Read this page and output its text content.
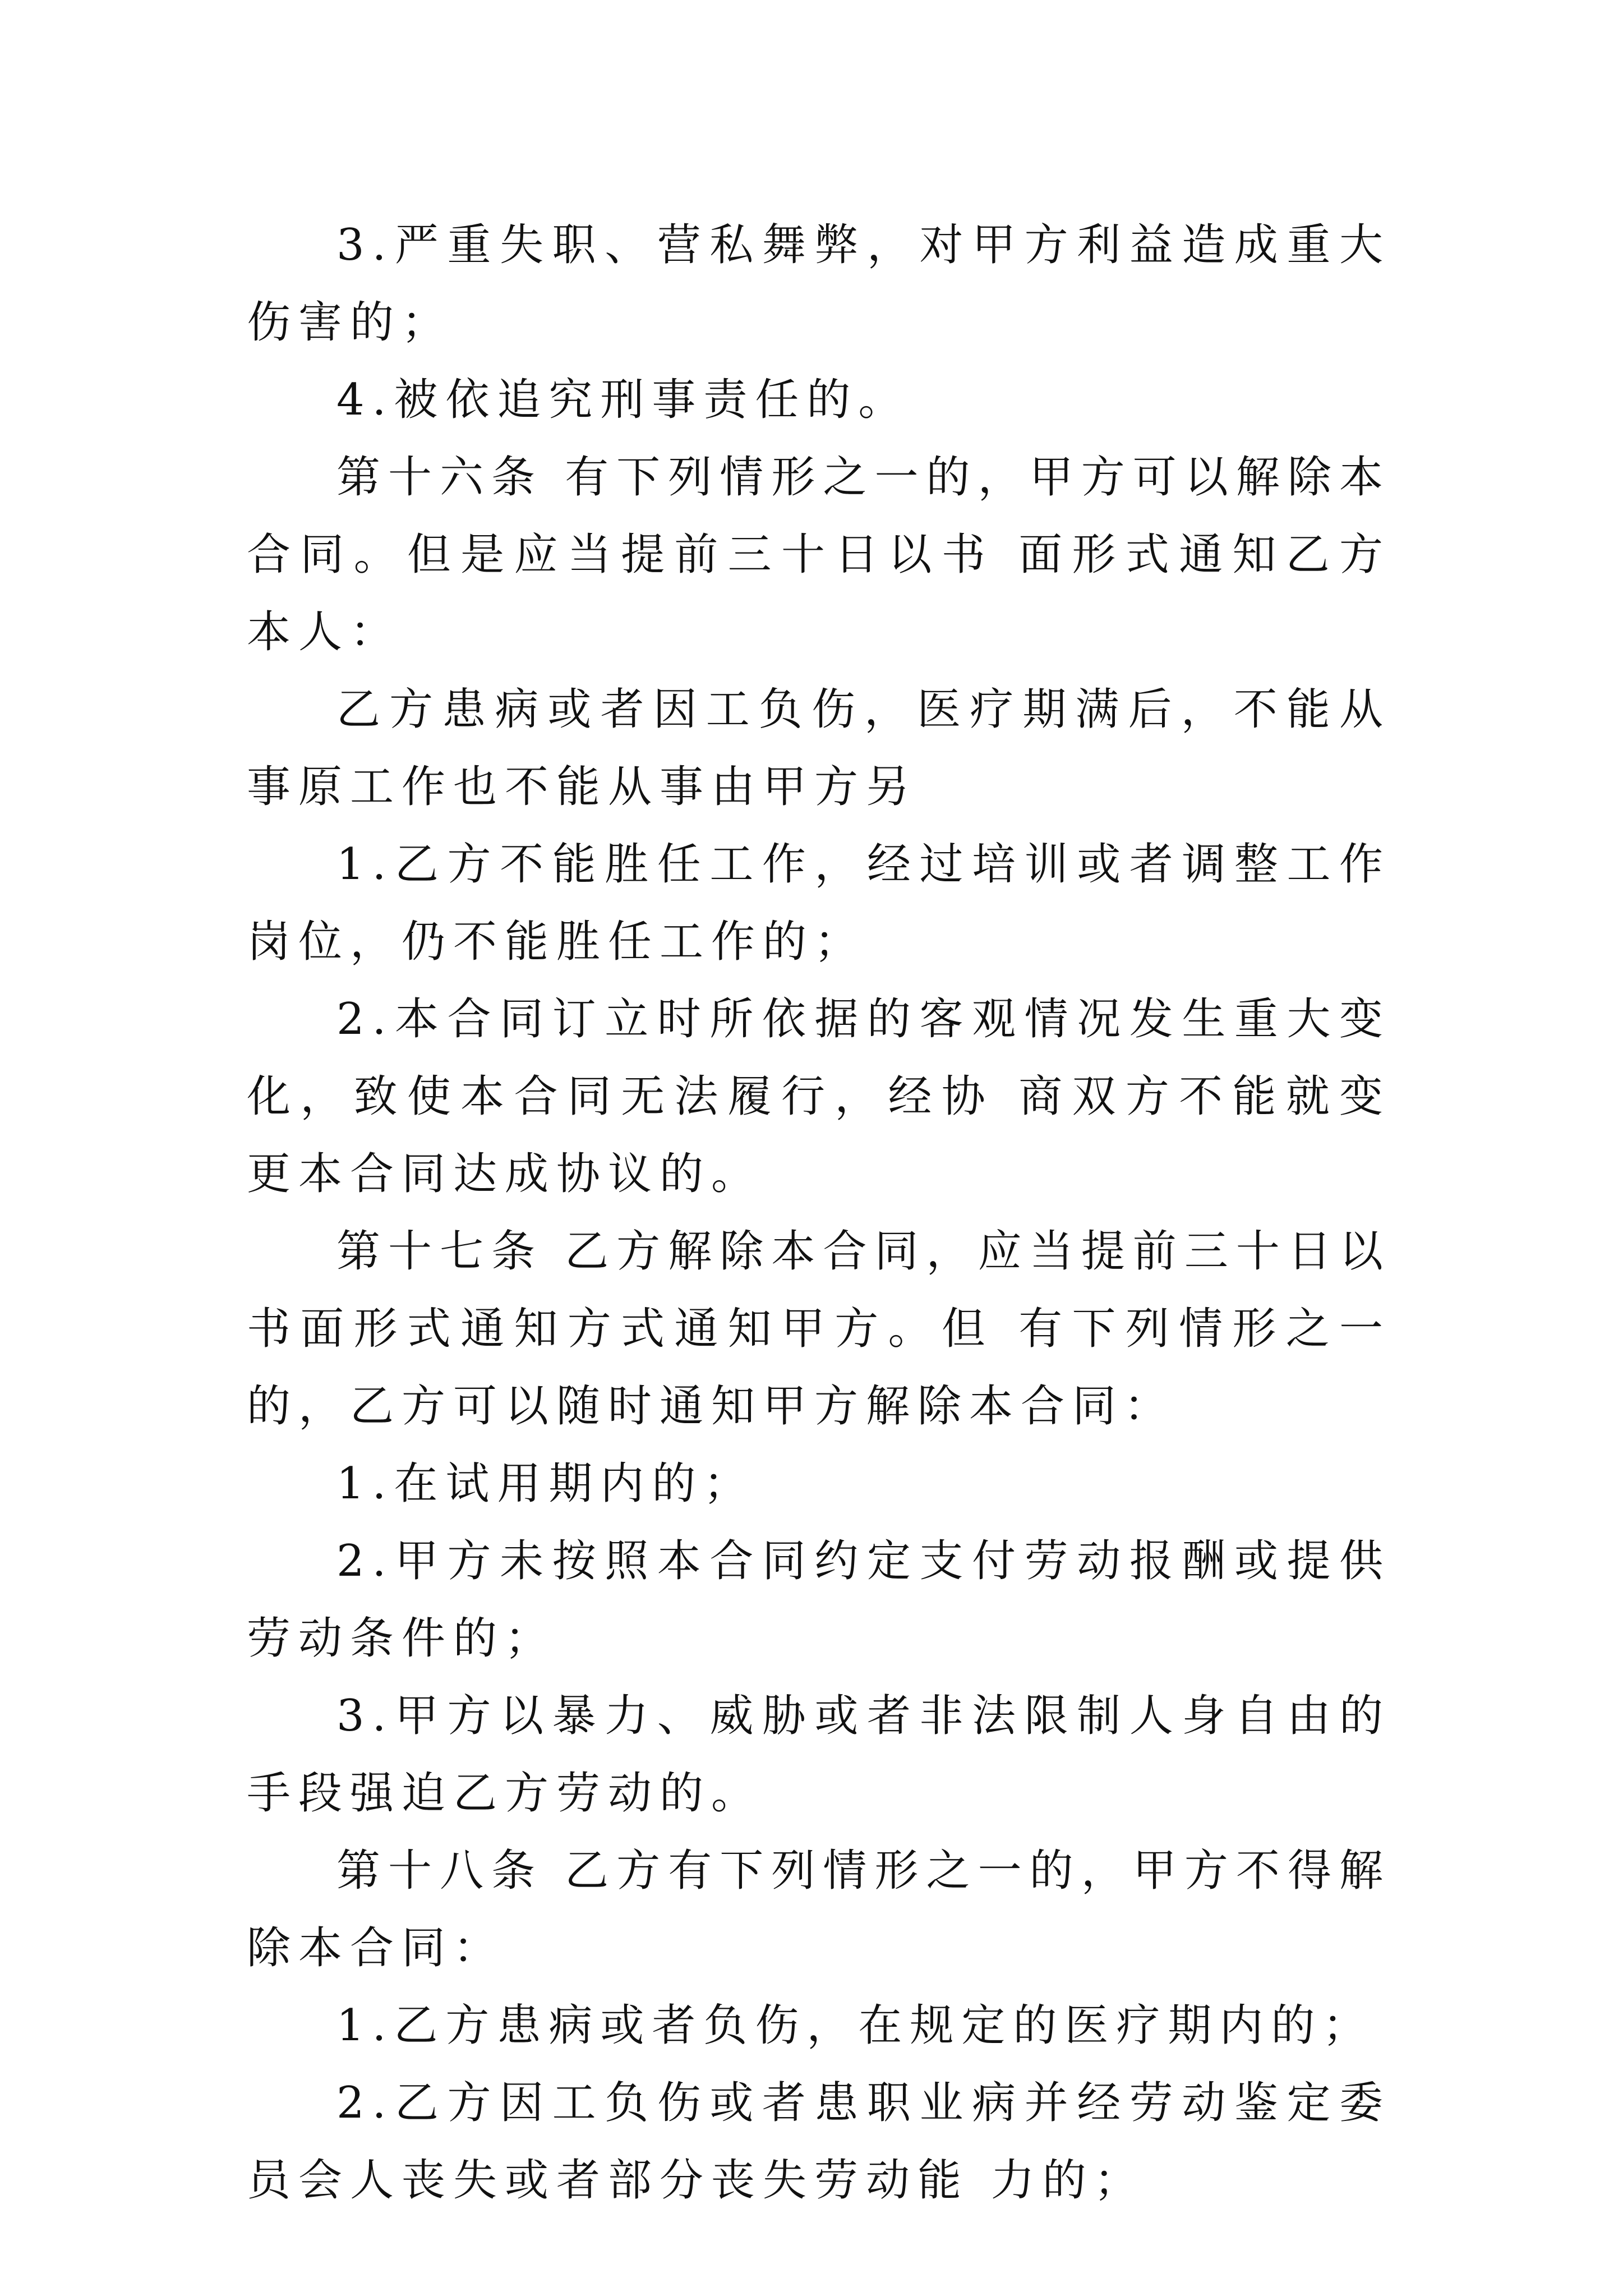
3.严重失职、营私舞弊，对甲方利益造成重大伤害的；

4.被依追究刑事责任的。

第十六条 有下列情形之一的，甲方可以解除本合同。但是应当提前三十日以书 面形式通知乙方本人：

乙方患病或者因工负伤，医疗期满后，不能从事原工作也不能从事由甲方另

1.乙方不能胜任工作，经过培训或者调整工作岗位，仍不能胜任工作的；

2.本合同订立时所依据的客观情况发生重大变化，致使本合同无法履行，经协 商双方不能就变更本合同达成协议的。

第十七条 乙方解除本合同，应当提前三十日以书面形式通知方式通知甲方。但 有下列情形之一的，乙方可以随时通知甲方解除本合同：

1.在试用期内的；

2.甲方未按照本合同约定支付劳动报酬或提供劳动条件的；

3.甲方以暴力、威胁或者非法限制人身自由的手段强迫乙方劳动的。

第十八条 乙方有下列情形之一的，甲方不得解除本合同：

1.乙方患病或者负伤，在规定的医疗期内的；

2.乙方因工负伤或者患职业病并经劳动鉴定委员会人丧失或者部分丧失劳动能 力的；
